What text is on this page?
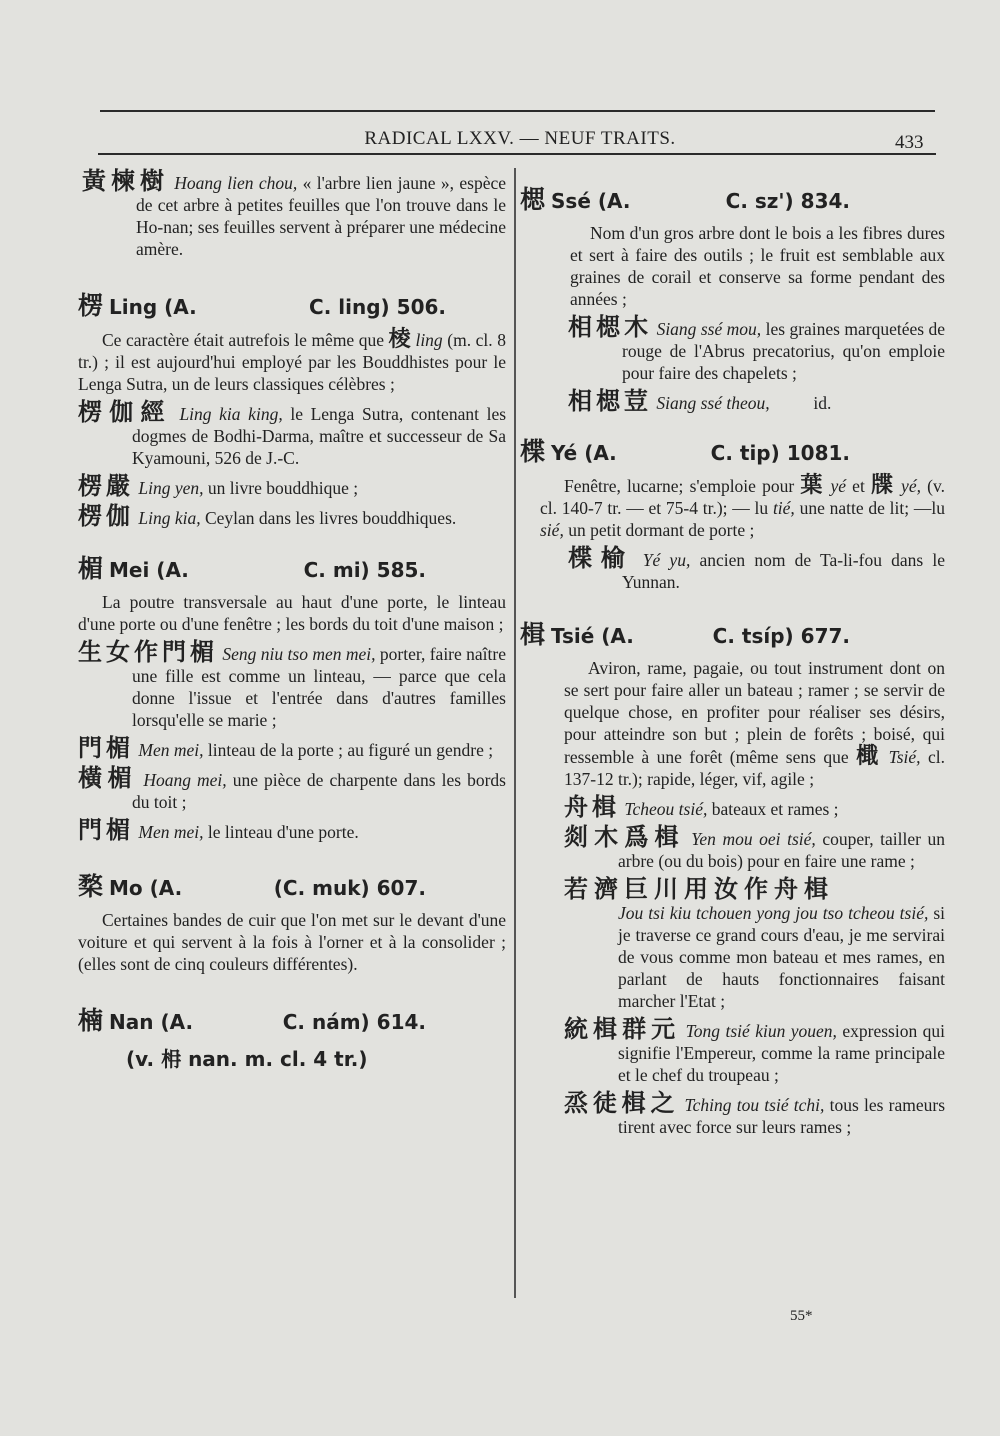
RADICAL LXXV. — NEUF TRAITS.	433

黃楝樹 Hoang lien chou, « l'arbre lien jaune », espèce de cet arbre à petites feuilles que l'on trouve dans le Ho-nan; ses feuilles servent à préparer une médecine amère.

楞 Ling (A.	C. ling) 506.

Ce caractère était autrefois le même que 棱 ling (m. cl. 8 tr.) ; il est aujourd'hui employé par les Bouddhistes pour le Lenga Sutra, un de leurs classiques célèbres ;

楞伽經 Ling kia king, le Lenga Sutra, contenant les dogmes de Bodhi-Darma, maître et successeur de Sa Kyamouni, 526 de J.-C.

楞嚴 Ling yen, un livre bouddhique ;

楞伽 Ling kia, Ceylan dans les livres bouddhiques.

楣 Mei (A.	C. mi) 585.

La poutre transversale au haut d'une porte, le linteau d'une porte ou d'une fenêtre ; les bords du toit d'une maison ;

生女作門楣 Seng niu tso men mei, porter, faire naître une fille est comme un linteau, — parce que cela donne l'issue et l'entrée dans d'autres familles lorsqu'elle se marie ;

門楣 Men mei, linteau de la porte ; au figuré un gendre ;

橫楣 Hoang mei, une pièce de charpente dans les bords du toit ;

門楣 Men mei, le linteau d'une porte.

楘 Mo (A.	(C. muk) 607.

Certaines bandes de cuir que l'on met sur le devant d'une voiture et qui servent à la fois à l'orner et à la consolider ; (elles sont de cinq couleurs différentes).

楠 Nan (A.	C. nám) 614.
(v. 枏 nan. m. cl. 4 tr.)
楒 Ssé (A.	C. sz') 834.

Nom d'un gros arbre dont le bois a les fibres dures et sert à faire des outils ; le fruit est semblable aux graines de corail et conserve sa forme pendant des années ;

相楒木 Siang ssé mou, les graines marquetées de rouge de l'Abrus precatorius, qu'on emploie pour faire des chapelets ;

相楒荳 Siang ssé theou,          id.

楪 Yé (A.	C. tip) 1081.

Fenêtre, lucarne; s'emploie pour 葉 yé et 牒 yé, (v. cl. 140-7 tr. — et 75-4 tr.); — lu tié, une natte de lit; —lu sié, un petit dormant de porte ;

楪榆 Yé yu, ancien nom de Ta-li-fou dans le Yunnan.

楫 Tsié (A.	C. tsíp) 677.

Aviron, rame, pagaie, ou tout instrument dont on se sert pour faire aller un bateau ; ramer ; se servir de quelque chose, en profiter pour réaliser ses désirs, pour atteindre son but ; plein de forêts ; boisé, qui ressemble à une forêt (même sens que 檝 Tsié, cl. 137-12 tr.); rapide, léger, vif, agile ;

舟楫 Tcheou tsié, bateaux et rames ;

剡木爲楫 Yen mou oei tsié, couper, tailler un arbre (ou du bois) pour en faire une rame ;

若濟巨川用汝作舟楫
Jou tsi kiu tchouen yong jou tso tcheou tsié, si je traverse ce grand cours d'eau, je me servirai de vous comme mon bateau et mes rames, en parlant de hauts fonctionnaires faisant marcher l'Etat ;

統楫群元 Tong tsié kiun youen, expression qui signifie l'Empereur, comme la rame principale et le chef du troupeau ;

烝徒楫之 Tching tou tsié tchi, tous les rameurs tirent avec force sur leurs rames ;

55*
